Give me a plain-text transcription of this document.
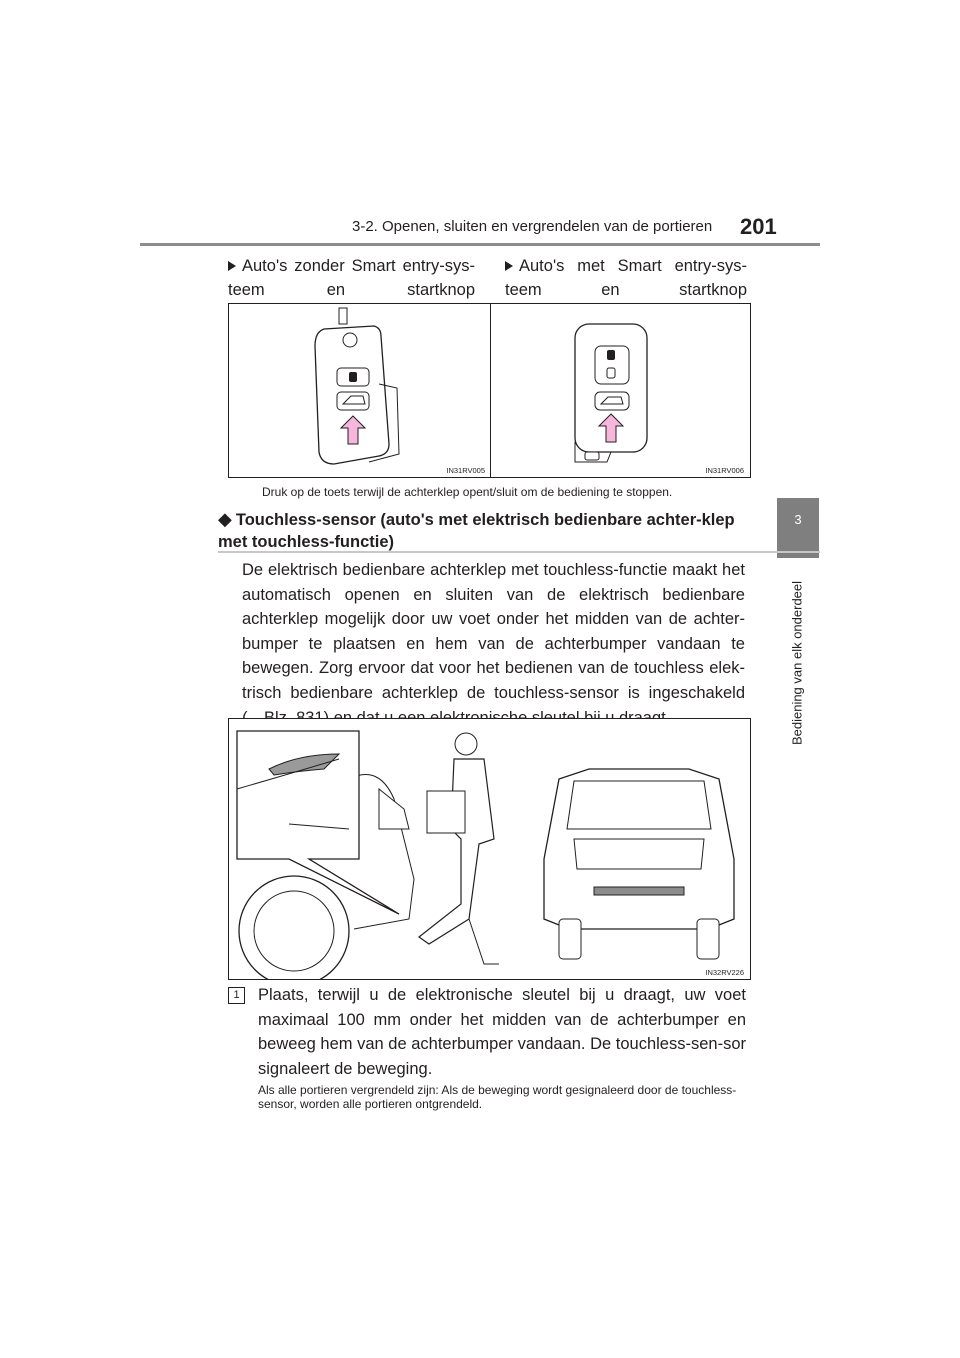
3-2. Openen, sluiten en vergrendelen van de portieren 201
3
Bediening van elk onderdeel
Auto's zonder Smart entry-sys-teem en startknop
Auto's met Smart entry-sys-teem en startknop
IN31RV005	IN31RV006
Druk op de toets terwijl de achterklep opent/sluit om de bediening te stoppen.
◆ Touchless-sensor (auto's met elektrisch bedienbare achter-klep met touchless-functie)
De elektrisch bedienbare achterklep met touchless-functie maakt het automatisch openen en sluiten van de elektrisch bedienbare achterklep mogelijk door uw voet onder het midden van de achter-bumper te plaatsen en hem van de achterbumper vandaan te bewegen. Zorg ervoor dat voor het bedienen van de touchless elek-trisch bedienbare achterklep de touchless-sensor is ingeschakeld
IN32RV226
1	Plaats, terwijl u de elektronische sleutel bij u draagt, uw voet maximaal 100 mm onder het midden van de achterbumper en beweeg hem van de achterbumper vandaan. De touchless-sen-sor signaleert de beweging.
Als alle portieren vergrendeld zijn: Als de beweging wordt gesignaleerd door de touchless-sensor, worden alle portieren ontgrendeld.
